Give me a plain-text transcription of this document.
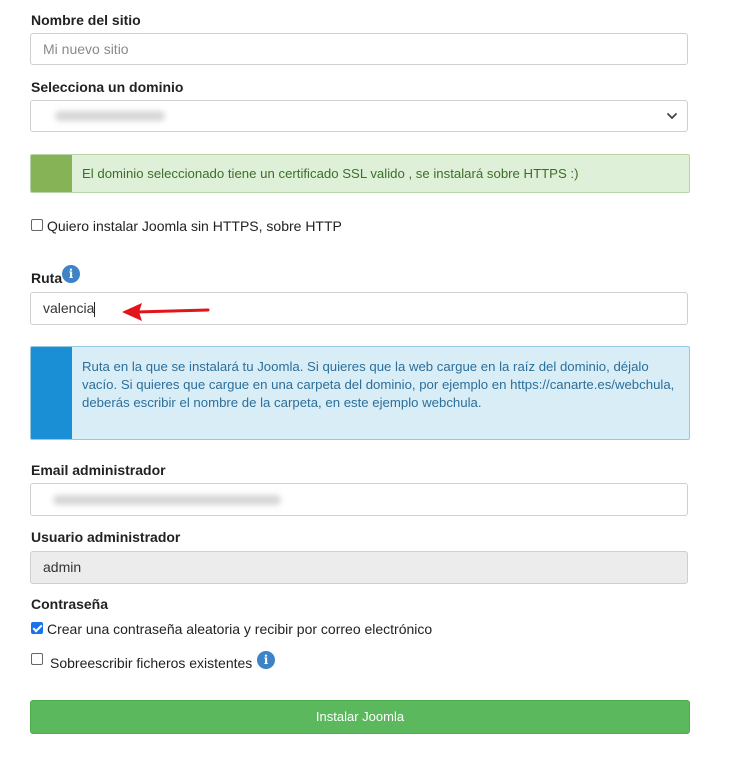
Nombre del sitio
Mi nuevo sitio
Selecciona un dominio
El dominio seleccionado tiene un certificado SSL valido , se instalará sobre HTTPS :)
Quiero instalar Joomla sin HTTPS, sobre HTTP
Ruta i
valencia
Ruta en la que se instalará tu Joomla. Si quieres que la web cargue en la raíz del dominio, déjalo vacío. Si quieres que cargue en una carpeta del dominio, por ejemplo en https://canarte.es/webchula, deberás escribir el nombre de la carpeta, en este ejemplo webchula.
Email administrador
Usuario administrador
admin
Contraseña
Crear una contraseña aleatoria y recibir por correo electrónico
Sobreescribir ficheros existentes i
Instalar Joomla
